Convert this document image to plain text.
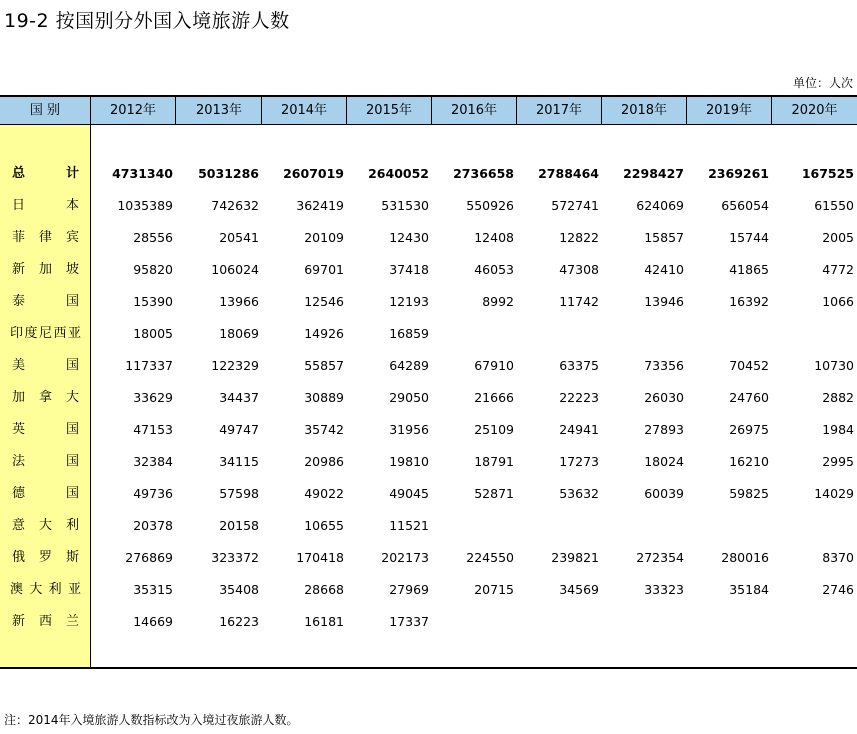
19-2 按国别分外国入境旅游人数
单位：人次
国 别	2012年	2013年	2014年	2015年	2016年	2017年	2018年	2019年	2020年
总	计	4731340	5031286	2607019	2640052	2736658	2788464	2298427	2369261	167525
日	本	1035389	742632	362419	531530	550926	572741	624069	656054	61550
菲 律 宾	28556	20541	20109	12430	12408	12822	15857	15744	2005
新 加 坡	95820	106024	69701	37418	46053	47308	42410	41865	4772
泰	国	15390	13966	12546	12193	8992	11742	13946	16392	1066
印 度 尼 西 亚	18005	18069	14926	16859
美	国	117337	122329	55857	64289	67910	63375	73356	70452	10730
加 拿 大	33629	34437	30889	29050	21666	22223	26030	24760	2882
英	国	47153	49747	35742	31956	25109	24941	27893	26975	1984
法	国	32384	34115	20986	19810	18791	17273	18024	16210	2995
德	国	49736	57598	49022	49045	52871	53632	60039	59825	14029
意 大 利	20378	20158	10655	11521
俄 罗 斯	276869	323372	170418	202173	224550	239821	272354	280016	8370
澳 大 利 亚	35315	35408	28668	27969	20715	34569	33323	35184	2746
新 西 兰	14669	16223	16181	17337
注：2014年入境旅游人数指标改为入境过夜旅游人数。
